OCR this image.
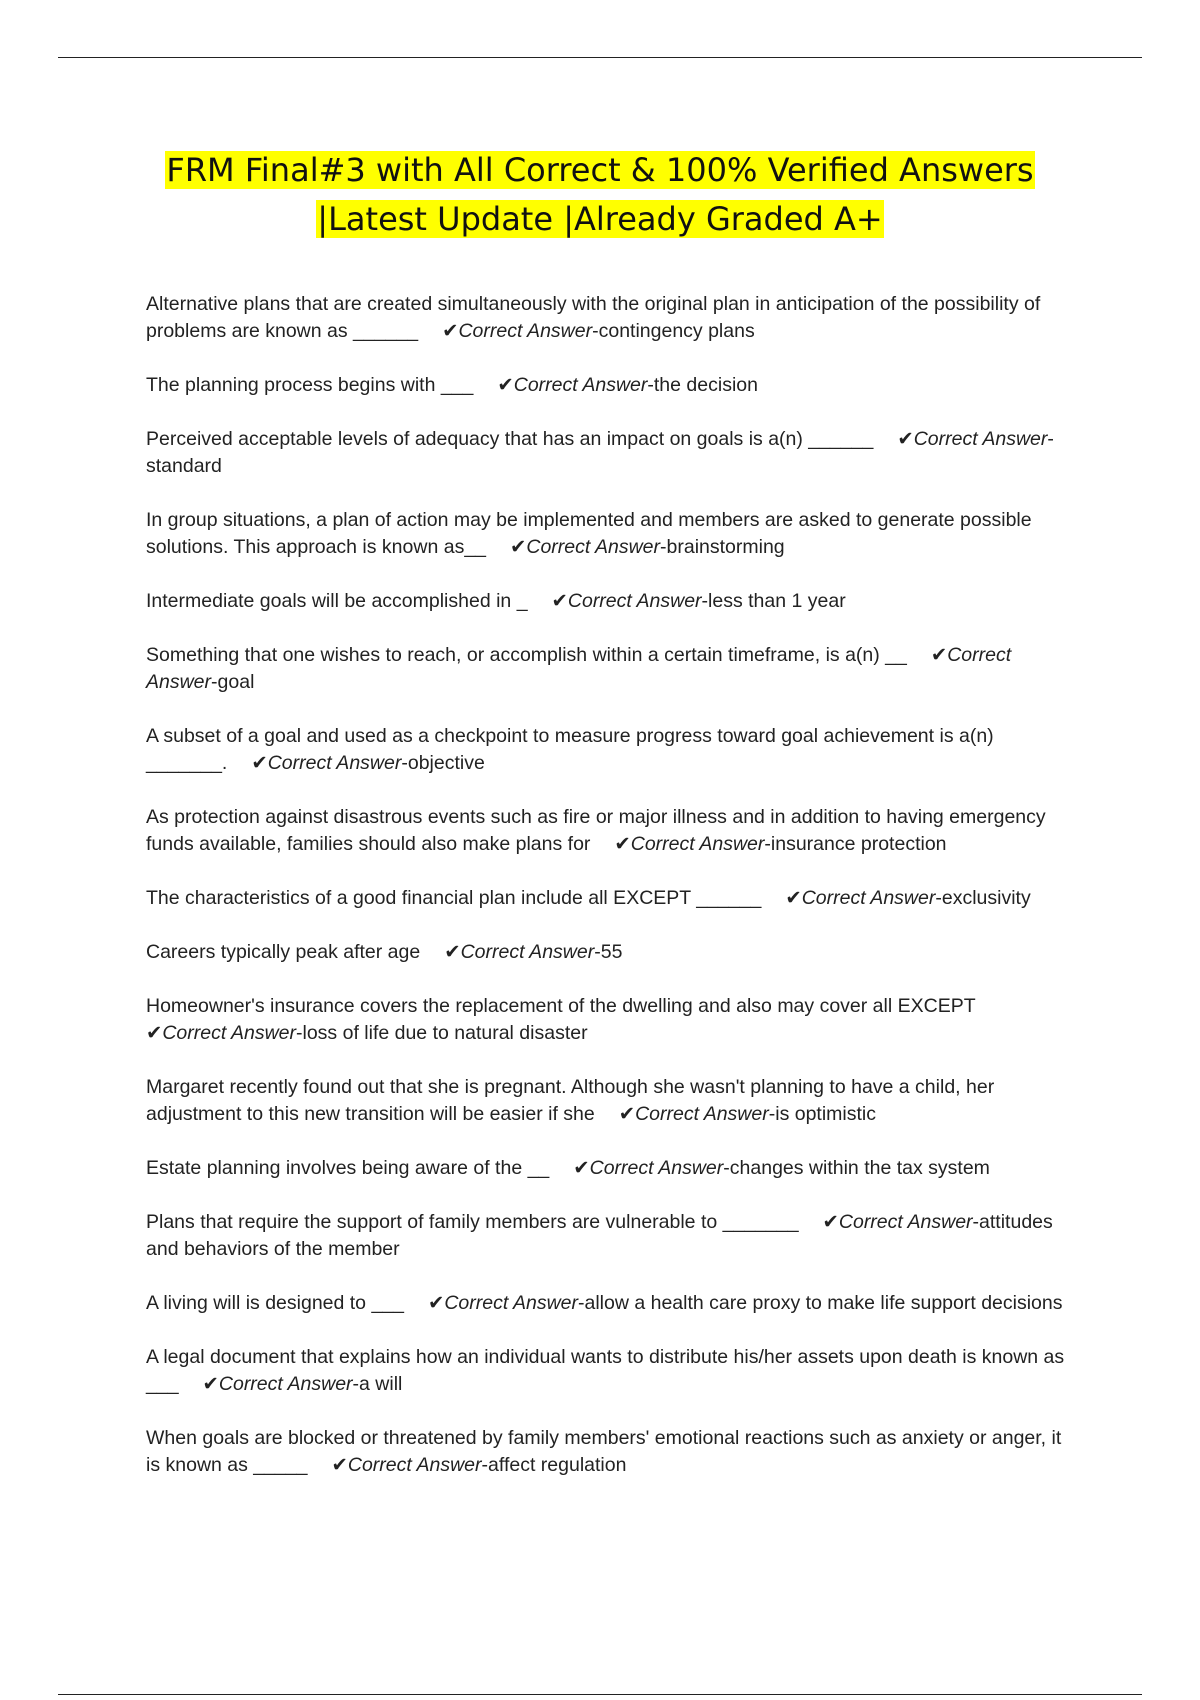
FRM Final#3 with All Correct & 100% Verified Answers
|Latest Update |Already Graded A+

Alternative plans that are created simultaneously with the original plan in anticipation of the possibility of problems are known as ______ ✔Correct Answer-contingency plans

The planning process begins with ___ ✔Correct Answer-the decision

Perceived acceptable levels of adequacy that has an impact on goals is a(n) ______ ✔Correct Answer-standard

In group situations, a plan of action may be implemented and members are asked to generate possible solutions. This approach is known as__ ✔Correct Answer-brainstorming

Intermediate goals will be accomplished in _ ✔Correct Answer-less than 1 year

Something that one wishes to reach, or accomplish within a certain timeframe, is a(n) __ ✔Correct Answer-goal

A subset of a goal and used as a checkpoint to measure progress toward goal achievement is a(n) _______. ✔Correct Answer-objective

As protection against disastrous events such as fire or major illness and in addition to having emergency funds available, families should also make plans for ✔Correct Answer-insurance protection

The characteristics of a good financial plan include all EXCEPT ______ ✔Correct Answer-exclusivity

Careers typically peak after age ✔Correct Answer-55

Homeowner's insurance covers the replacement of the dwelling and also may cover all EXCEPT✔Correct Answer-loss of life due to natural disaster

Margaret recently found out that she is pregnant. Although she wasn't planning to have a child, her adjustment to this new transition will be easier if she ✔Correct Answer-is optimistic

Estate planning involves being aware of the __ ✔Correct Answer-changes within the tax system

Plans that require the support of family members are vulnerable to _______ ✔Correct Answer-attitudes and behaviors of the member

A living will is designed to ___ ✔Correct Answer-allow a health care proxy to make life support decisions

A legal document that explains how an individual wants to distribute his/her assets upon death is known as ___ ✔Correct Answer-a will

When goals are blocked or threatened by family members' emotional reactions such as anxiety or anger, it is known as _____ ✔Correct Answer-affect regulation
